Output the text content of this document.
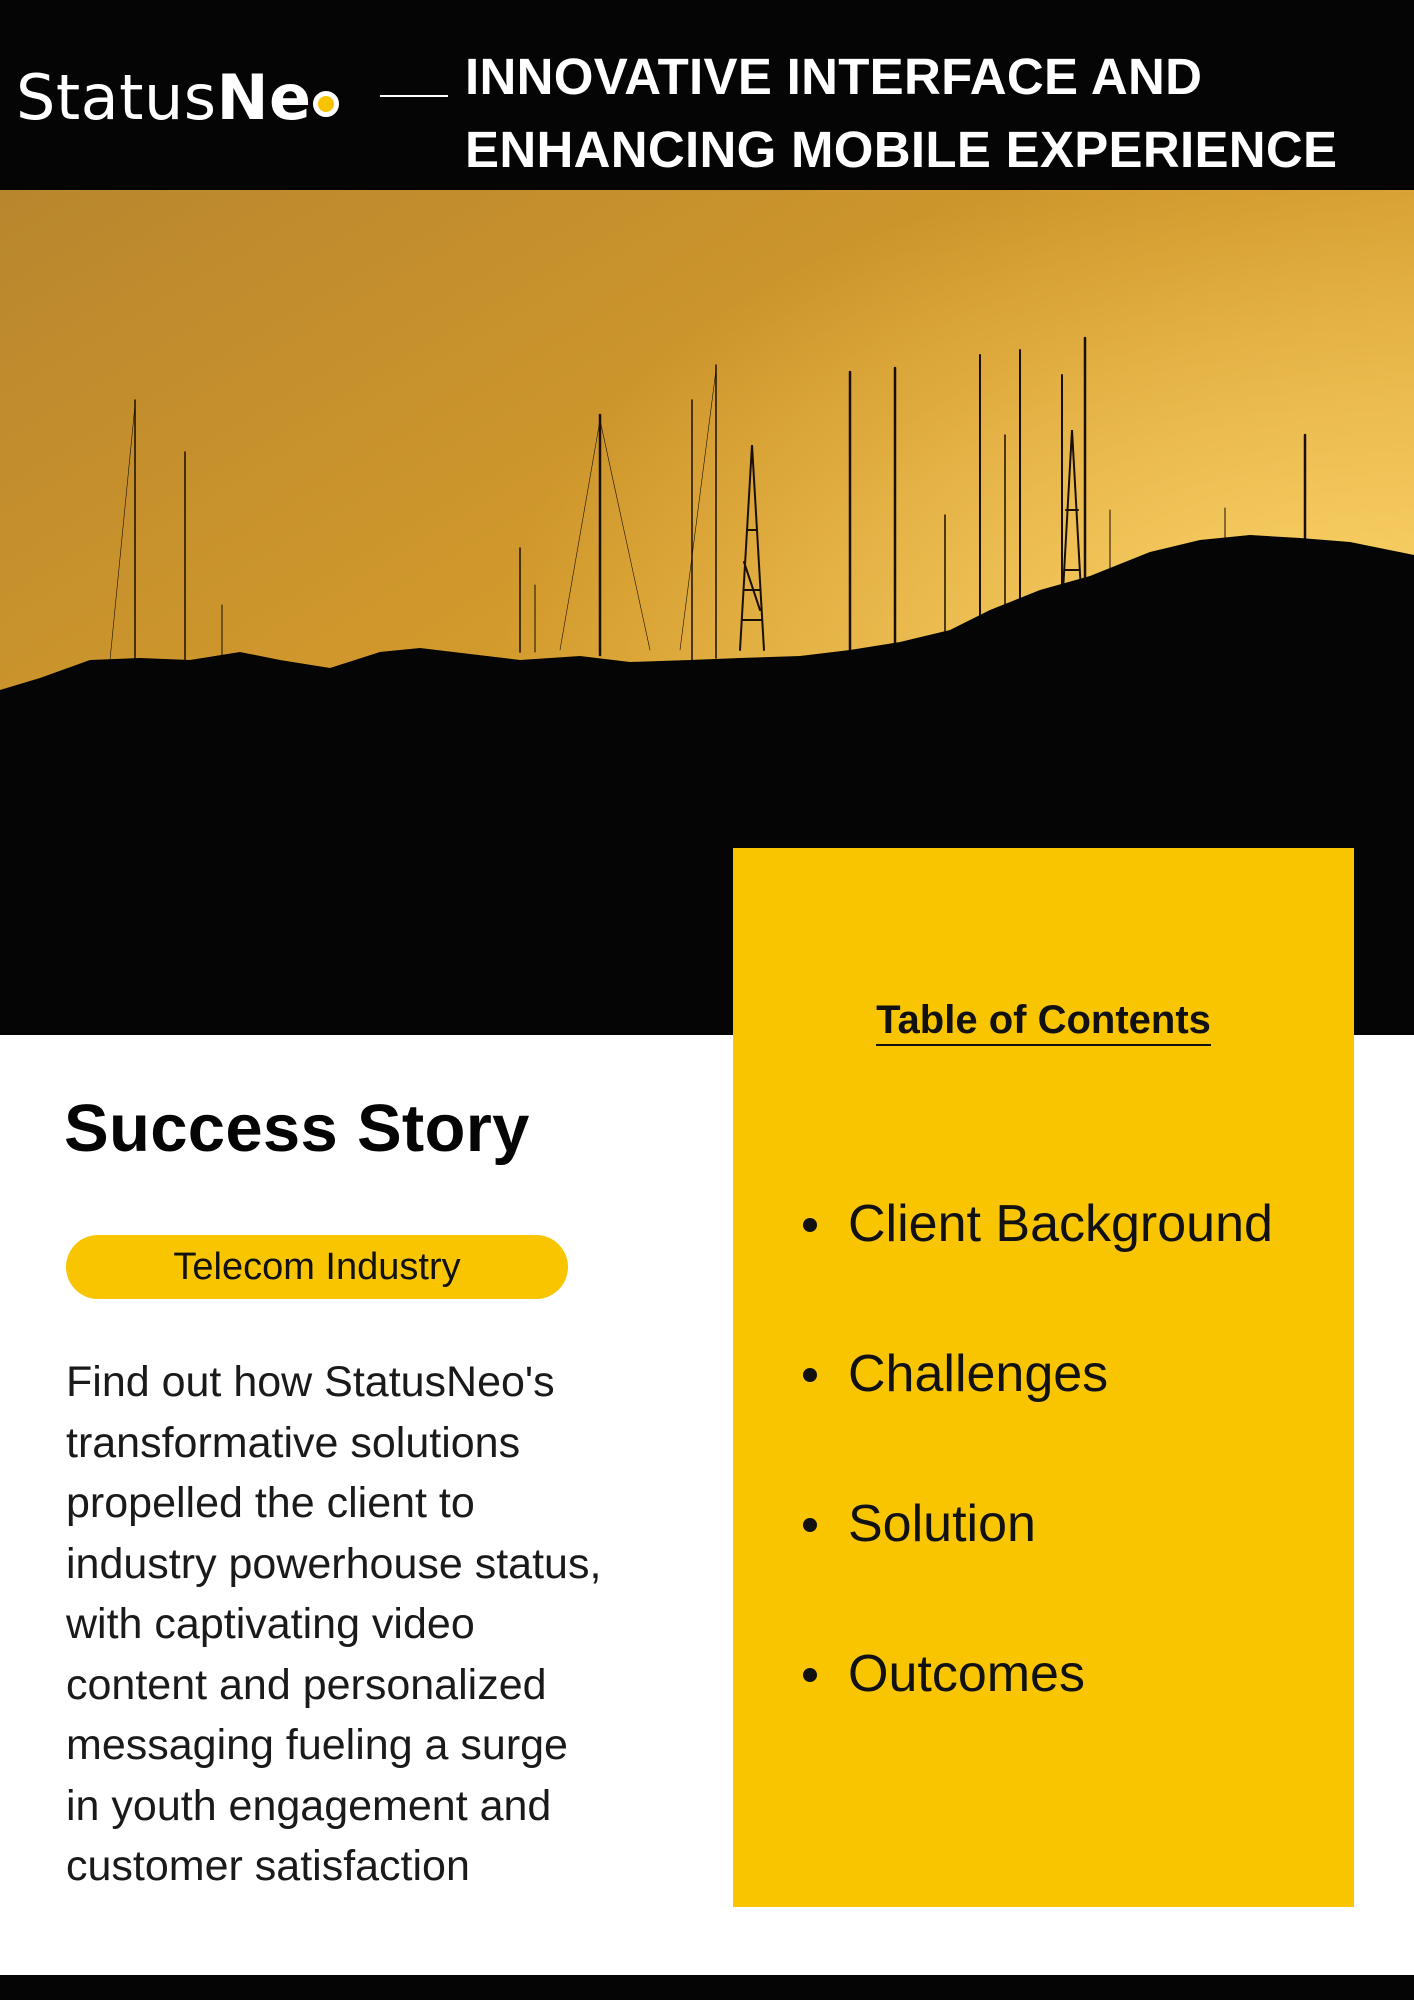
Status Ne	INNOVATIVE INTERFACE AND
ENHANCING MOBILE EXPERIENCE
Table of Contents
Client Background
Challenges
Solution
Outcomes
Success Story
Telecom Industry
Find out how StatusNeo's
transformative solutions
propelled the client to
industry powerhouse status,
with captivating video
content and personalized
messaging fueling a surge
in youth engagement and
customer satisfaction
